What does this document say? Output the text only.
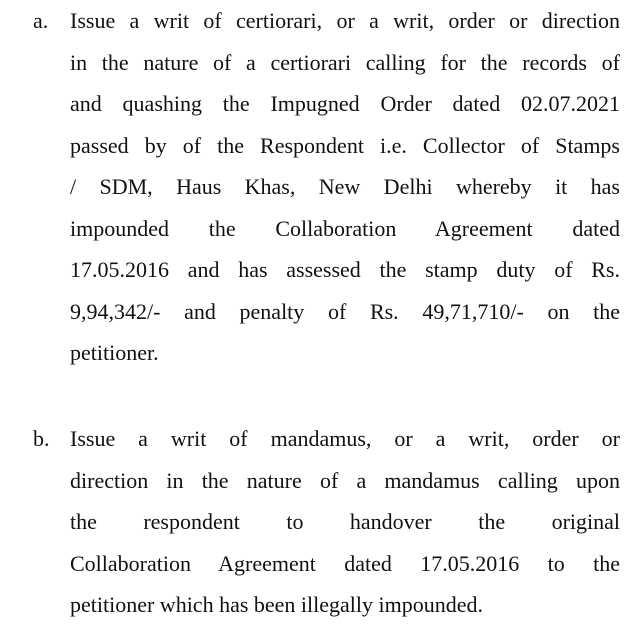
a. Issue a writ of certiorari, or a writ, order or direction
in the nature of a certiorari calling for the records of
and quashing the Impugned Order dated 02.07.2021
passed by of the Respondent i.e. Collector of Stamps
/ SDM, Haus Khas, New Delhi whereby it has
impounded the Collaboration Agreement dated
17.05.2016 and has assessed the stamp duty of Rs.
9,94,342/- and penalty of Rs. 49,71,710/- on the
petitioner.
b. Issue a writ of mandamus, or a writ, order or
direction in the nature of a mandamus calling upon
the respondent to handover the original
Collaboration Agreement dated 17.05.2016 to the
petitioner which has been illegally impounded.
